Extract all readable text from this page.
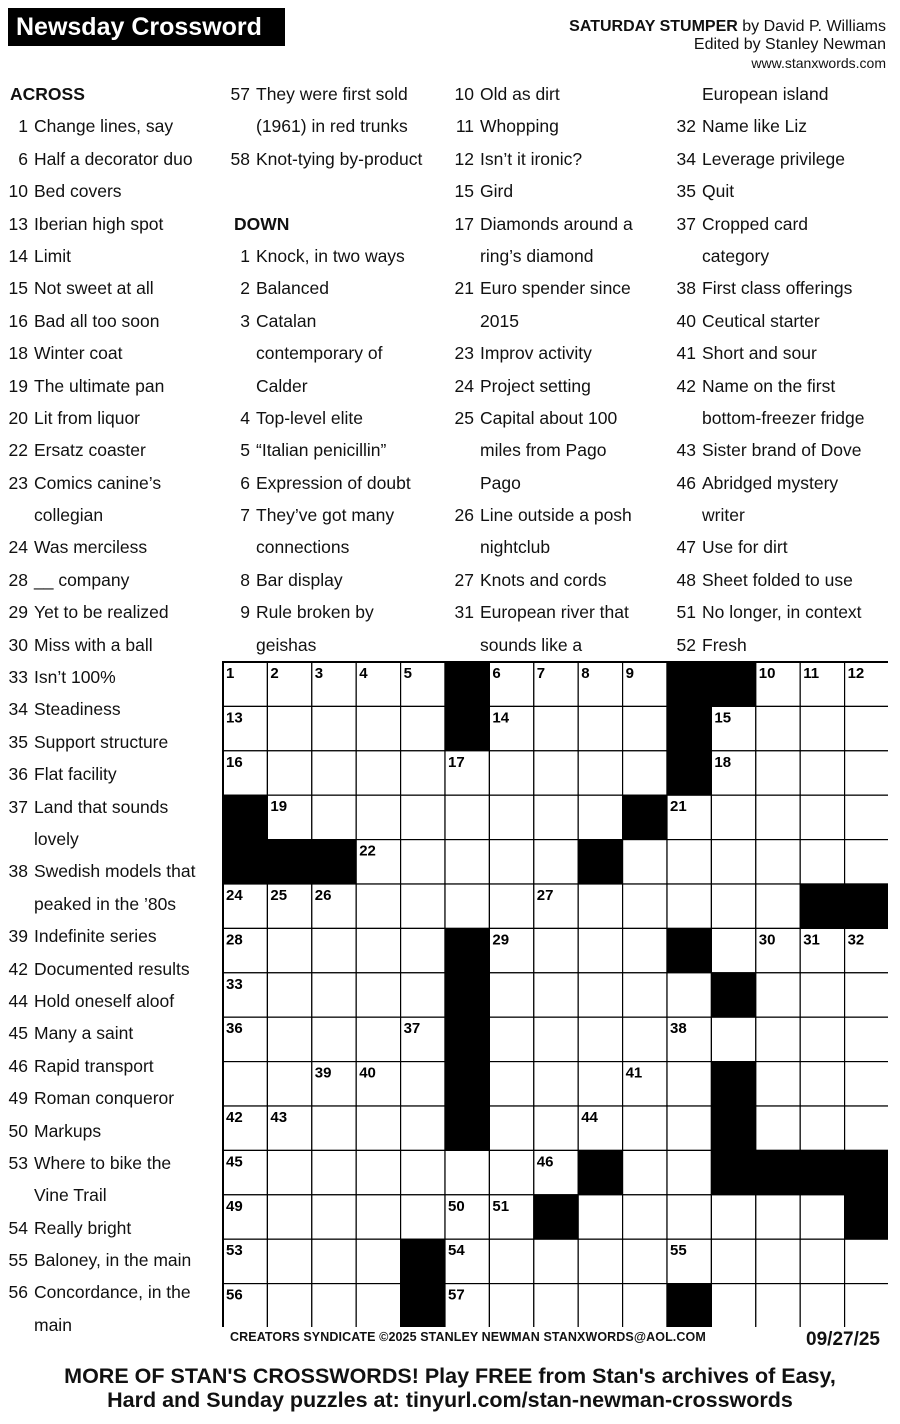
Newsday Crossword	SATURDAY STUMPER by David P. Williams
Edited by Stanley Newman
www.stanxwords.com
ACROSS
1 Change lines, say
6 Half a decorator duo
10 Bed covers
13 Iberian high spot
14 Limit
15 Not sweet at all
16 Bad all too soon
18 Winter coat
19 The ultimate pan
20 Lit from liquor
22 Ersatz coaster
23 Comics canine’s
collegian
24 Was merciless
28 __ company
29 Yet to be realized
30 Miss with a ball
33 Isn’t 100%
34 Steadiness
35 Support structure
36 Flat facility
37 Land that sounds
lovely
38 Swedish models that
peaked in the ’80s
39 Indefinite series
42 Documented results
44 Hold oneself aloof
45 Many a saint
46 Rapid transport
49 Roman conqueror
50 Markups
53 Where to bike the
Vine Trail
54 Really bright
55 Baloney, in the main
56 Concordance, in the
main
57 They were first sold
(1961) in red trunks
58 Knot-tying by-product
DOWN
1 Knock, in two ways
2 Balanced
3 Catalan
contemporary of
Calder
4 Top-level elite
5 “Italian penicillin”
6 Expression of doubt
7 They’ve got many
connections
8 Bar display
9 Rule broken by
geishas
10 Old as dirt
11 Whopping
12 Isn’t it ironic?
15 Gird
17 Diamonds around a
ring’s diamond
21 Euro spender since
2015
23 Improv activity
24 Project setting
25 Capital about 100
miles from Pago
Pago
26 Line outside a posh
nightclub
27 Knots and cords
31 European river that
sounds like a
European island
32 Name like Liz
34 Leverage privilege
35 Quit
37 Cropped card
category
38 First class offerings
40 Ceutical starter
41 Short and sour
42 Name on the first
bottom-freezer fridge
43 Sister brand of Dove
46 Abridged mystery
writer
47 Use for dirt
48 Sheet folded to use
51 No longer, in context
52 Fresh
1 2 3 4 5	6 7 8 9	10 11 12
13	14	15
16	17	18
19	20 21
22	23
24 25 26	27
28	29	30 31 32
33	34	35
36	37	38
39 40	41
42 43	44
45	46	47 48
49	50 51	52
53	54	55
56	57	58
CREATORS SYNDICATE ©2025 STANLEY NEWMAN STANXWORDS@AOL.COM	09/27/25
MORE OF STAN'S CROSSWORDS! Play FREE from Stan's archives of Easy,
Hard and Sunday puzzles at: tinyurl.com/stan-newman-crosswords
